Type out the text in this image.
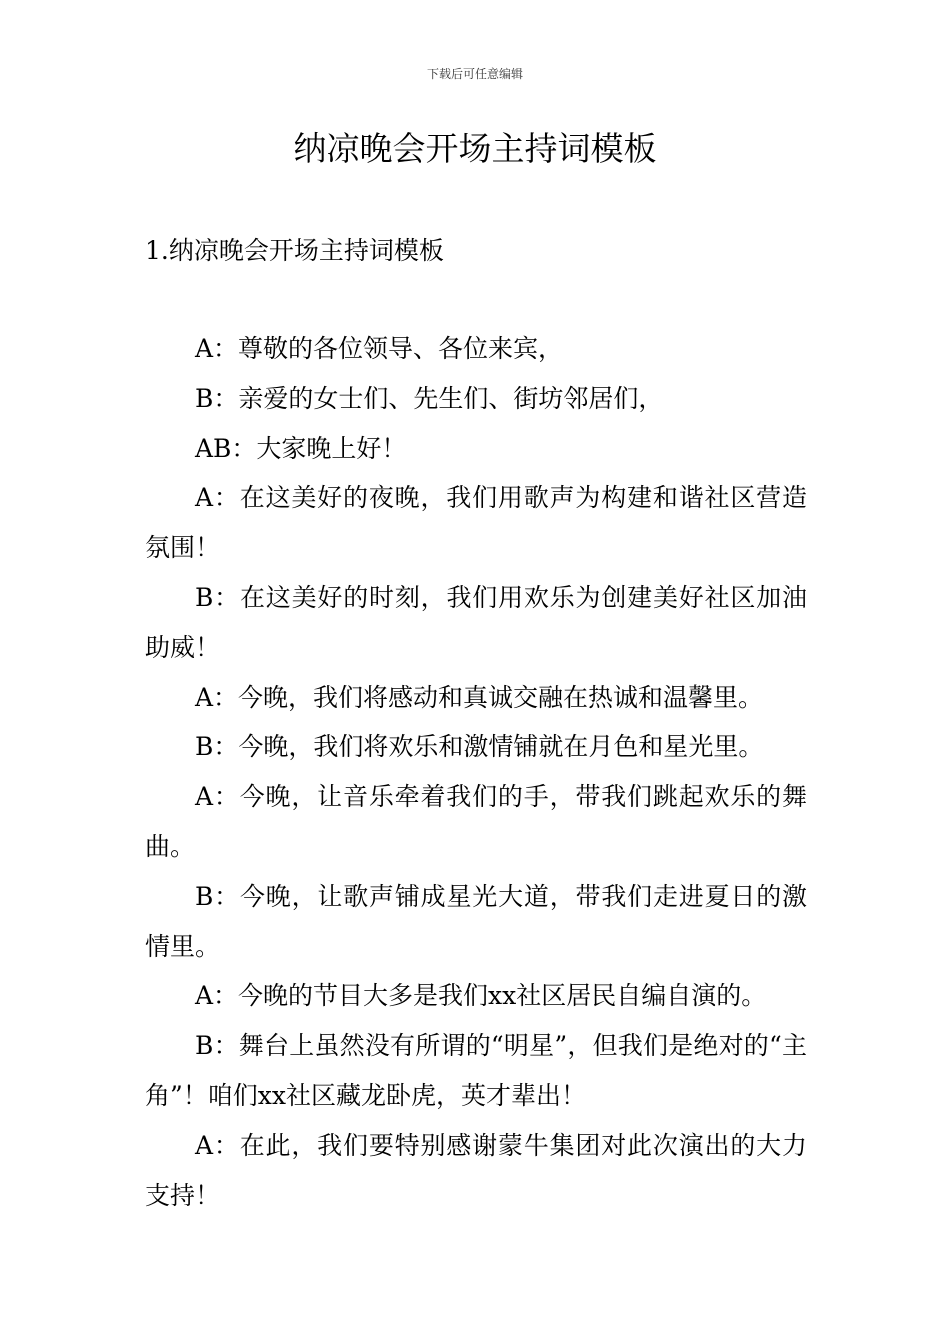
下载后可任意编辑
纳凉晚会开场主持词模板
1.纳凉晚会开场主持词模板

A：尊敬的各位领导、各位来宾，

B：亲爱的女士们、先生们、街坊邻居们，

AB：大家晚上好！

A：在这美好的夜晚，我们用歌声为构建和谐社区营造氛围！

B：在这美好的时刻，我们用欢乐为创建美好社区加油助威！

A：今晚，我们将感动和真诚交融在热诚和温馨里。

B：今晚，我们将欢乐和激情铺就在月色和星光里。

A：今晚，让音乐牵着我们的手，带我们跳起欢乐的舞曲。

B：今晚，让歌声铺成星光大道，带我们走进夏日的激情里。

A：今晚的节目大多是我们xx社区居民自编自演的。

B：舞台上虽然没有所谓的“明星”，但我们是绝对的“主角”！咱们xx社区藏龙卧虎，英才辈出！

A：在此，我们要特别感谢蒙牛集团对此次演出的大力支持！
